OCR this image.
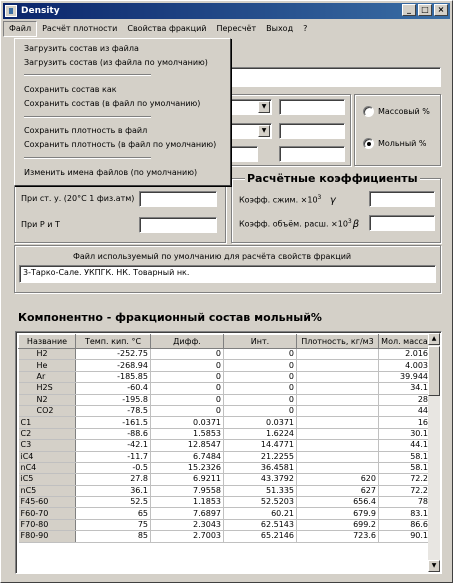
Density	_	□	×
Файл	Расчёт плотности	Свойства фракций	Пересчёт	Выход	?
▼
▼
Массовый %
Мольный %
При ст. у. (20°С 1 физ.атм)
При Р и Т
Расчётные коэффициенты
Коэфф. сжим. $\times 10^3$ γ
Коэфф. объём. расш. $\times 10^3\beta$
Файл используемый по умолчанию для расчёта свойств фракций
3-Тарко-Сале. УКПГК. НК. Товарный нк.
Компонентно - фракционный состав мольный%
Название	Темп. кип. °С	Дифф.	Инт.	Плотность, кг/м3	Мол. масса
H2	-252.75	0	0		2.016
He	-268.94	0	0		4.003
Ar	-185.85	0	0		39.944
H2S	-60.4	0	0		34.1
N2	-195.8	0	0		28
CO2	-78.5	0	0		44
C1	-161.5	0.0371	0.0371		16
C2	-88.6	1.5853	1.6224		30.1
C3	-42.1	12.8547	14.4771		44.1
iC4	-11.7	6.7484	21.2255		58.1
nC4	-0.5	15.2326	36.4581		58.1
iC5	27.8	6.9211	43.3792	620	72.2
nC5	36.1	7.9558	51.335	627	72.2
F45-60	52.5	1.1853	52.5203	656.4	78
F60-70	65	7.6897	60.21	679.9	83.1
F70-80	75	2.3043	62.5143	699.2	86.6
F80-90	85	2.7003	65.2146	723.6	90.1
▲
▼
Загрузить состав из файла
Загрузить состав (из файла по умолчанию)
Сохранить состав как
Сохранить состав (в файл по умолчанию)
Сохранить плотность в файл
Сохранить плотность (в файл по умолчанию)
Изменить имена файлов (по умолчанию)
